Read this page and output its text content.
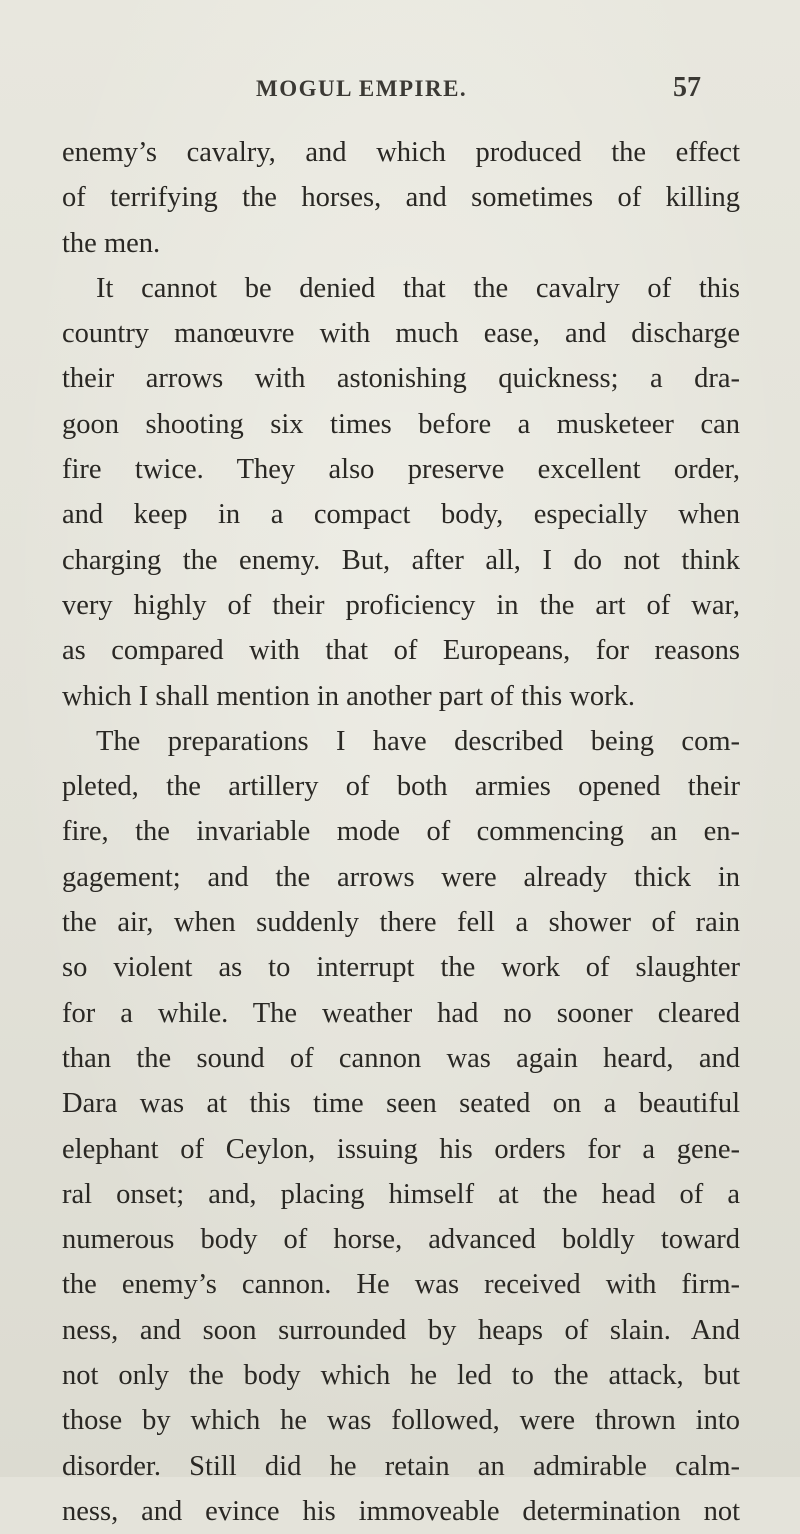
MOGUL EMPIRE.	57
enemy’s cavalry, and which produced the effect
of terrifying the horses, and sometimes of killing
the men.
It cannot be denied that the cavalry of this
country manœuvre with much ease, and discharge
their arrows with astonishing quickness; a dra-
goon shooting six times before a musketeer can
fire twice. They also preserve excellent order,
and keep in a compact body, especially when
charging the enemy. But, after all, I do not think
very highly of their proficiency in the art of war,
as compared with that of Europeans, for reasons
which I shall mention in another part of this work.
The preparations I have described being com-
pleted, the artillery of both armies opened their
fire, the invariable mode of commencing an en-
gagement; and the arrows were already thick in
the air, when suddenly there fell a shower of rain
so violent as to interrupt the work of slaughter
for a while. The weather had no sooner cleared
than the sound of cannon was again heard, and
Dara was at this time seen seated on a beautiful
elephant of Ceylon, issuing his orders for a gene-
ral onset; and, placing himself at the head of a
numerous body of horse, advanced boldly toward
the enemy’s cannon. He was received with firm-
ness, and soon surrounded by heaps of slain. And
not only the body which he led to the attack, but
those by which he was followed, were thrown into
disorder. Still did he retain an admirable calm-
ness, and evince his immoveable determination not
